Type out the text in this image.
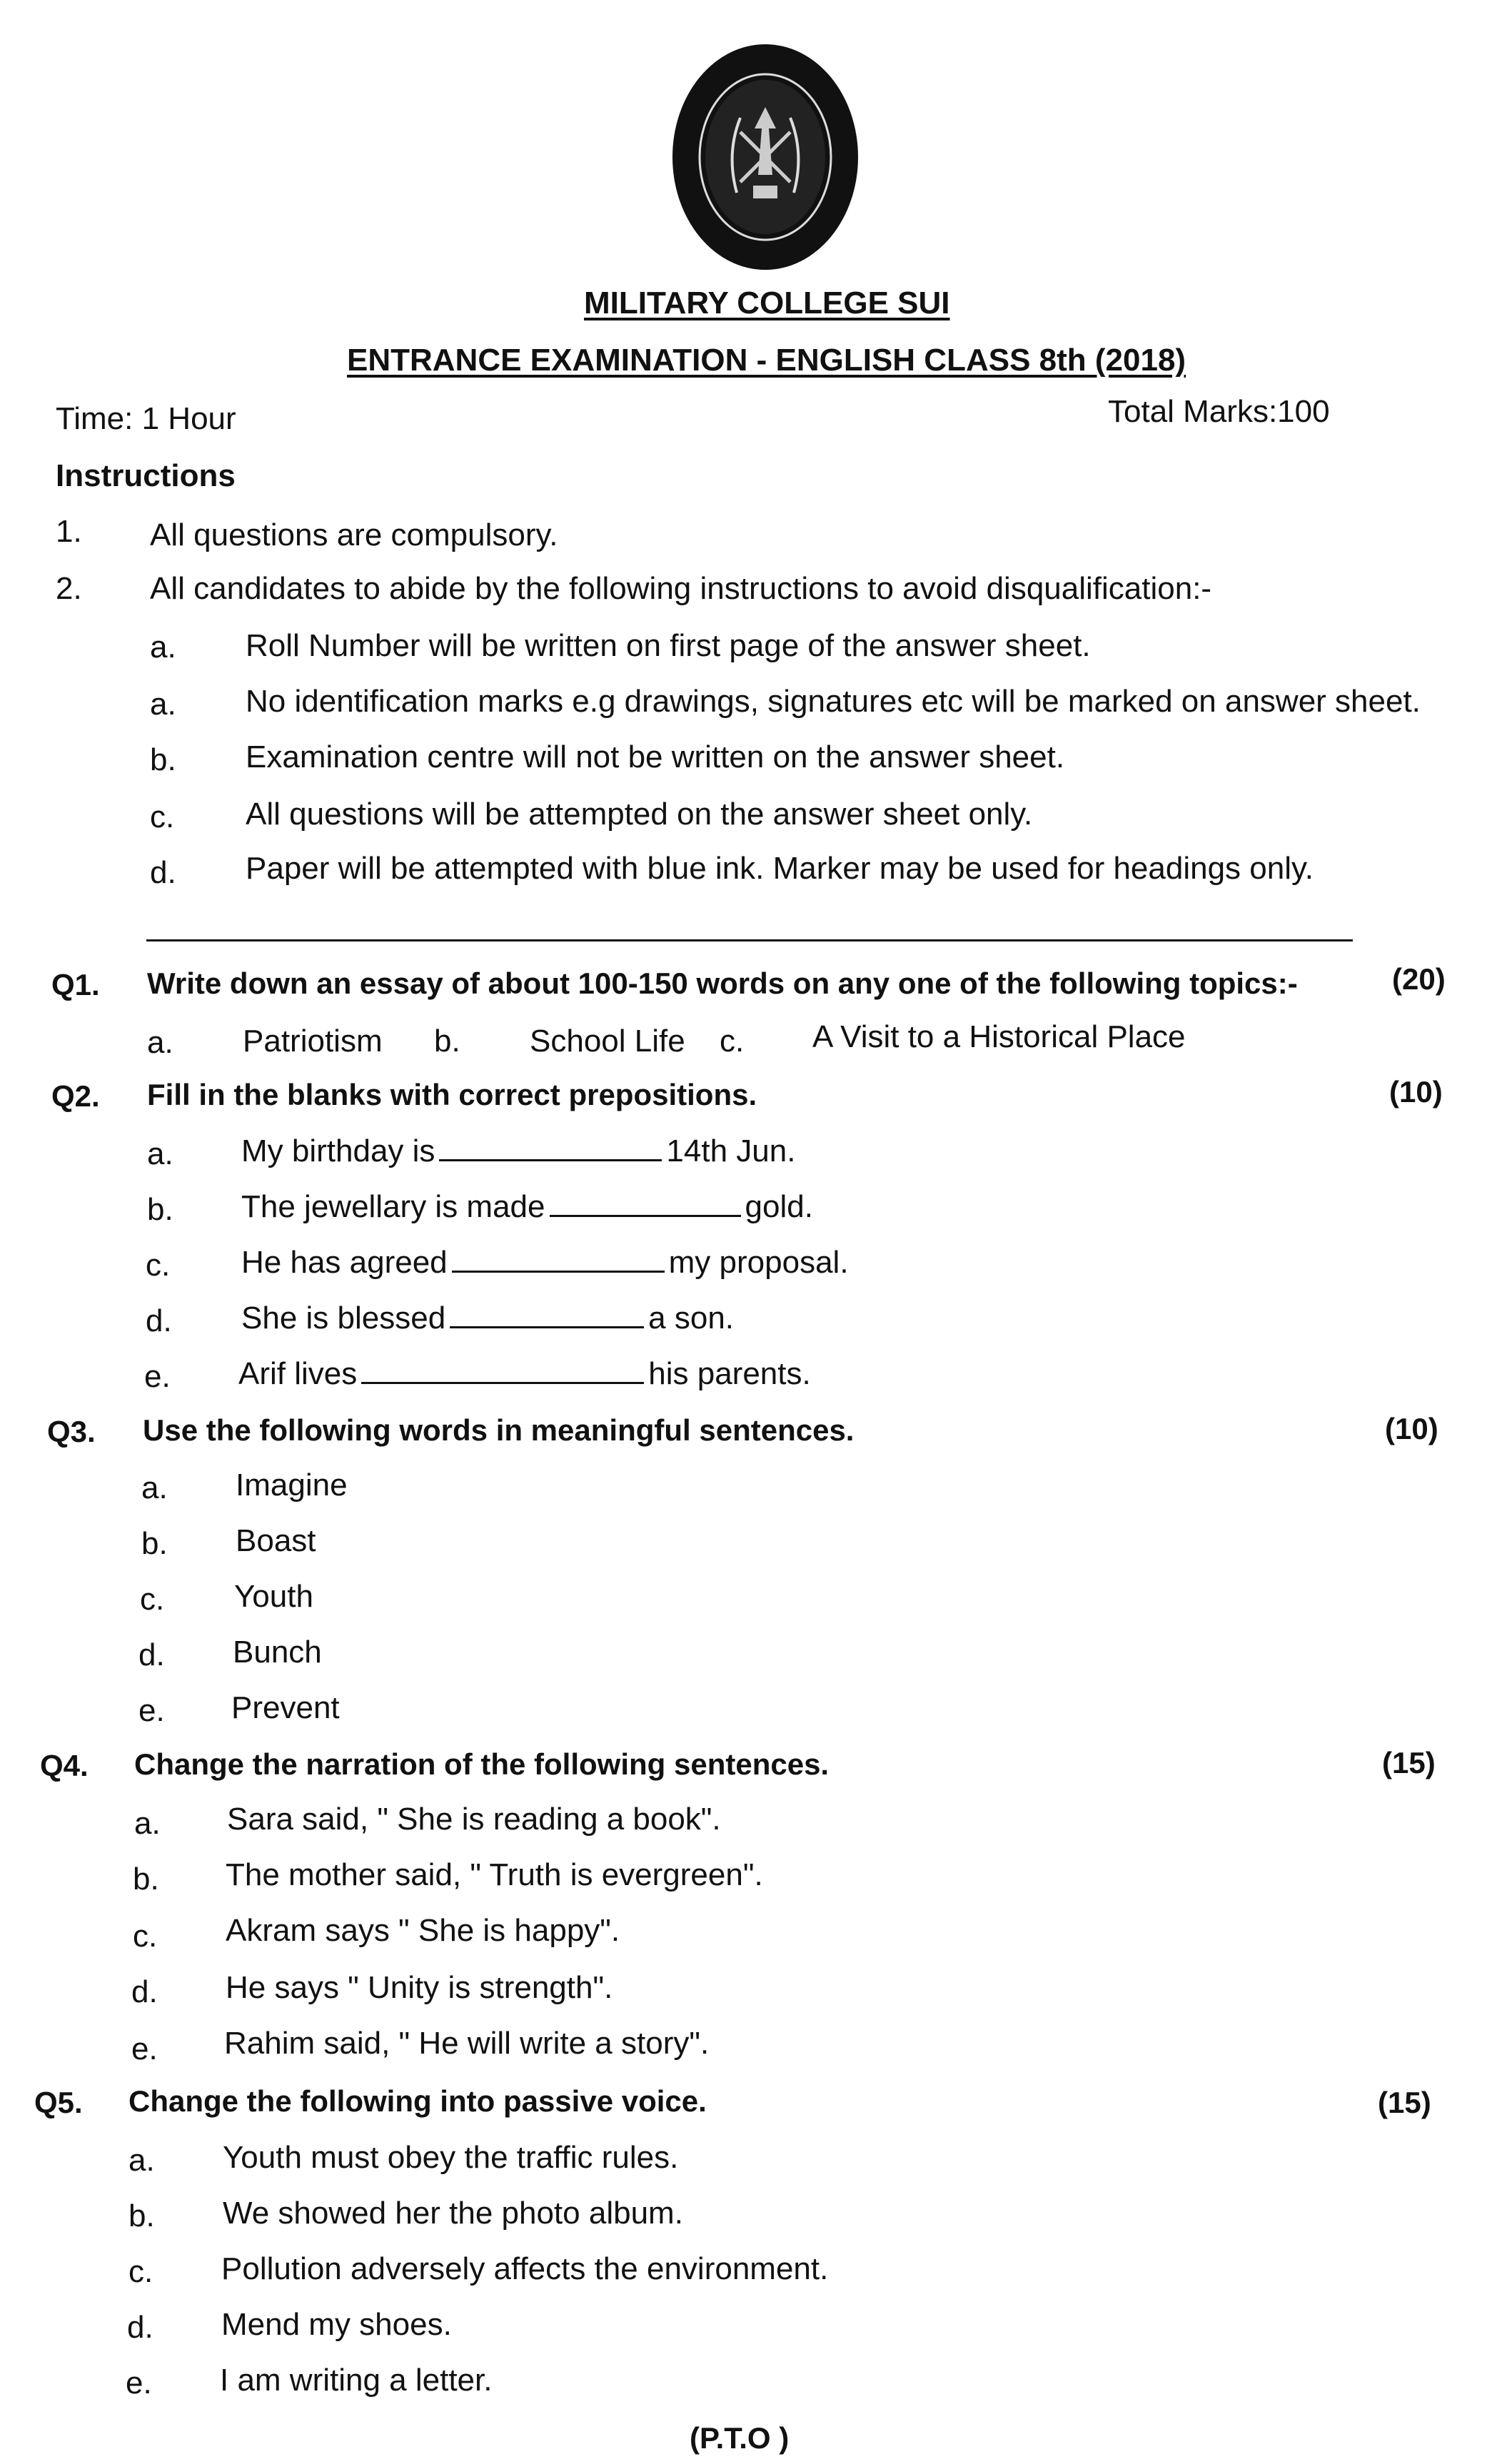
MILITARY COLLEGE SUI
ENTRANCE EXAMINATION - ENGLISH CLASS 8th (2018)
Time: 1 Hour	Total Marks:100
Instructions
1. All questions are compulsory.
2. All candidates to abide by the following instructions to avoid disqualification:-
a. Roll Number will be written on first page of the answer sheet.
a. No identification marks e.g drawings, signatures etc will be marked on answer sheet.
b. Examination centre will not be written on the answer sheet.
c. All questions will be attempted on the answer sheet only.
d. Paper will be attempted with blue ink. Marker may be used for headings only.
Q1. Write down an essay of about 100-150 words on any one of the following topics:-	(20)
a. Patriotism b. School Life c. A Visit to a Historical Place
Q2. Fill in the blanks with correct prepositions.	(10)
a. My birthday is	14th Jun.
b. The jewellary is made	gold.
c. He has agreed	my proposal.
d. She is blessed	a son.
e. Arif lives	his parents.
Q3. Use the following words in meaningful sentences.	(10)
a. Imagine
b. Boast
c. Youth
d. Bunch
e. Prevent
Q4. Change the narration of the following sentences.	(15)
a. Sara said, " She is reading a book".
b. The mother said, " Truth is evergreen".
c. Akram says " She is happy".
d. He says " Unity is strength".
e. Rahim said, " He will write a story".
Q5. Change the following into passive voice.	(15)
a. Youth must obey the traffic rules.
b. We showed her the photo album.
c. Pollution adversely affects the environment.
d. Mend my shoes.
e. I am writing a letter.
(P.T.O )
